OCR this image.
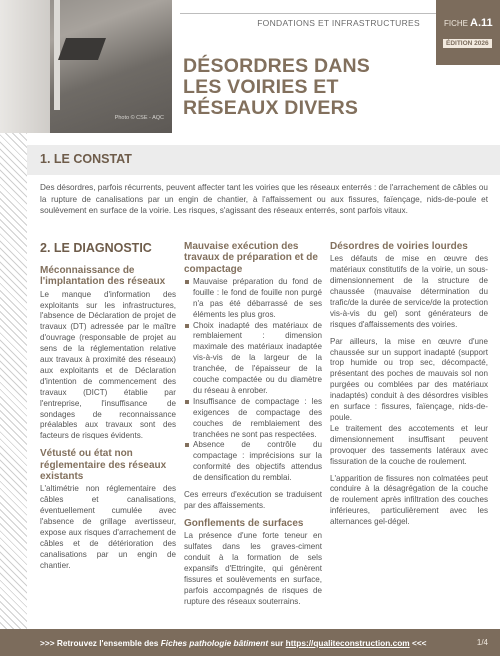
Photo © CSE - AQC
FONDATIONS ET INFRASTRUCTURES	FICHE A.11
ÉDITION 2026
DÉSORDRES DANS
LES VOIRIES ET
RÉSEAUX DIVERS
1. LE CONSTAT

Des désordres, parfois récurrents, peuvent affecter tant les voiries que les réseaux enterrés : de l'arrachement de câbles ou la rupture de canalisations par un engin de chantier, à l'affaissement ou aux fissures, faïençage, nids-de-poule et soulèvement en surface de la voirie. Les risques, s'agissant des réseaux enterrés, sont parfois vitaux.

2. LE DIAGNOSTIC
Méconnaissance de l'implantation des réseaux

Le manque d'information des exploitants sur les infrastructures, l'absence de Déclaration de projet de travaux (DT) adressée par le maître d'ouvrage (responsable de projet au sens de la réglementation relative aux travaux à proximité des réseaux) aux exploitants et de Déclaration d'intention de commencement des travaux (DICT) établie par l'entreprise, l'insuffisance de sondages de reconnaissance préalables aux travaux sont des facteurs de risques évidents.

Vétusté ou état non réglementaire des réseaux existants

L'altimétrie non réglementaire des câbles et canalisations, éventuellement cumulée avec l'absence de grillage avertisseur, expose aux risques d'arrachement de câbles et de détérioration des canalisations par un engin de chantier.

Mauvaise exécution des travaux de préparation et de compactage
Mauvaise préparation du fond de fouille : le fond de fouille non purgé n'a pas été débarrassé de ses éléments les plus gros.
Choix inadapté des matériaux de remblaiement : dimension maximale des matériaux inadaptée vis-à-vis de la largeur de la tranchée, de l'épaisseur de la couche compactée ou du diamètre du réseau à enrober.
Insuffisance de compactage : les exigences de compactage des couches de remblaiement des tranchées ne sont pas respectées.
Absence de contrôle du compactage : imprécisions sur la conformité des objectifs attendus de densification du remblai.

Ces erreurs d'exécution se traduisent par des affaissements.

Gonflements de surfaces

La présence d'une forte teneur en sulfates dans les graves-ciment conduit à la formation de sels expansifs d'Ettringite, qui génèrent fissures et soulèvements en surface, parfois accompagnés de risques de rupture des réseaux souterrains.

Désordres de voiries lourdes

Les défauts de mise en œuvre des matériaux constitutifs de la voirie, un sous-dimensionnement de la structure de chaussée (mauvaise détermination du trafic/de la durée de service/de la protection vis-à-vis du gel) sont générateurs de risques d'affaissements des voiries.

Par ailleurs, la mise en œuvre d'une chaussée sur un support inadapté (support trop humide ou trop sec, décompacté, présentant des poches de mauvais sol non purgées ou comblées par des matériaux inadaptés) conduit à des désordres visibles en surface : fissures, faïençage, nids-de-poule.

Le traitement des accotements et leur dimensionnement insuffisant peuvent provoquer des tassements latéraux avec fissuration de la couche de roulement.

L'apparition de fissures non colmatées peut conduire à la désagrégation de la couche de roulement après infiltration des couches inférieures, particulièrement avec les alternances gel-dégel.

>>> Retrouvez l'ensemble des Fiches pathologie bâtiment sur https://qualiteconstruction.com <<<	1/4
